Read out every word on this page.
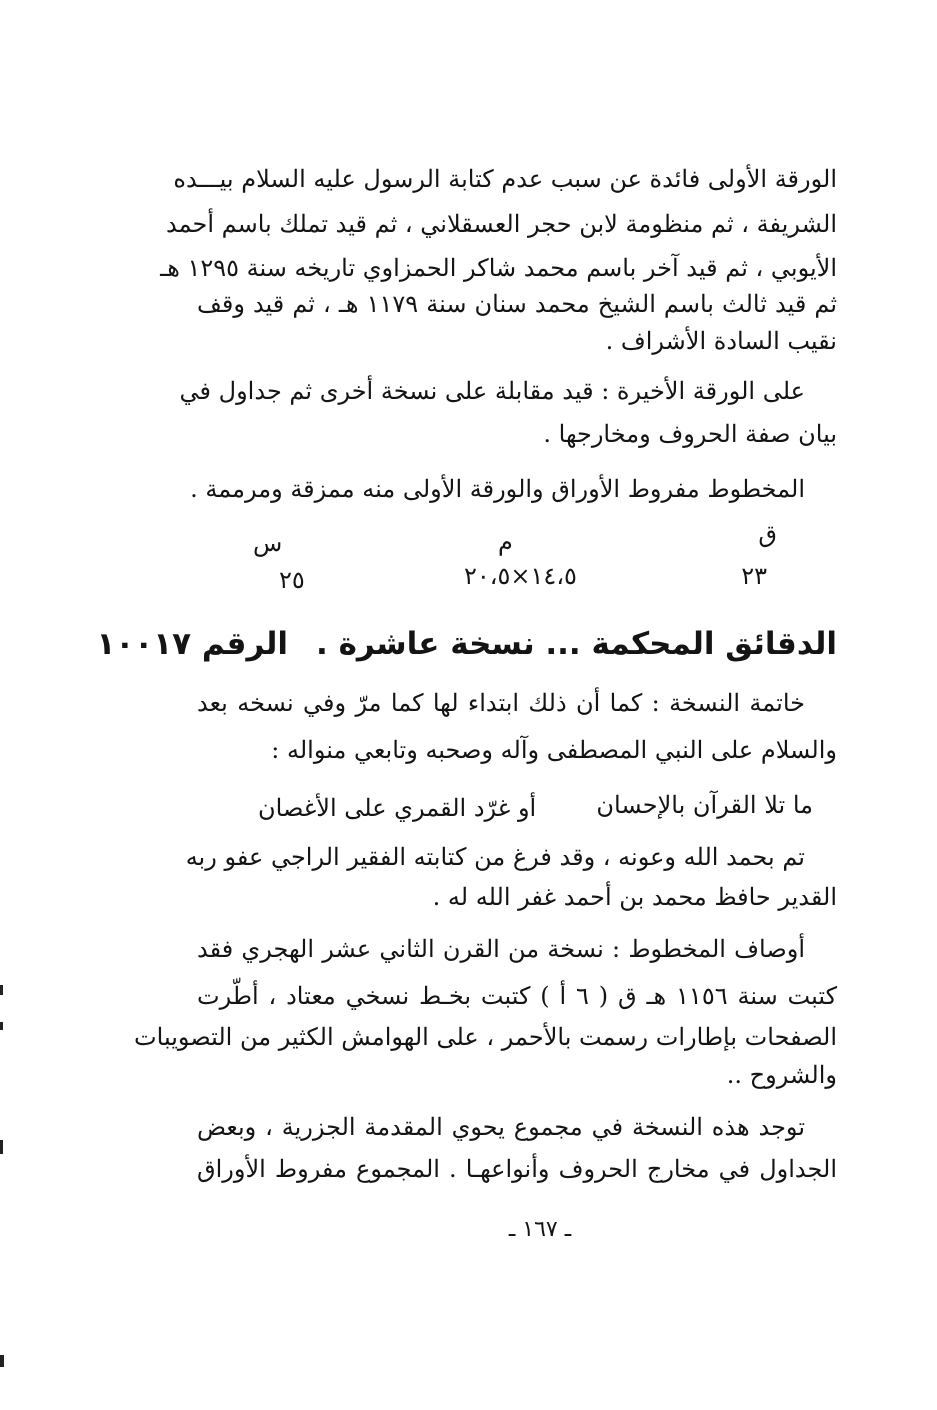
الورقة الأولى فائدة عن سبب عدم كتابة الرسول عليه السلام بيـــده
الشريفة ، ثم منظومة لابن حجر العسقلاني ، ثم قيد تملك باسم أحمد
الأيوبي ، ثم قيد آخر باسم محمد شاكر الحمزاوي تاريخه سنة ١٢٩٥ هـ
ثم قيد ثالث باسم الشيخ محمد سنان سنة ١١٧٩ هـ ، ثم قيد وقف
نقيب السادة الأشراف .
على الورقة الأخيرة : قيد مقابلة على نسخة أخرى ثم جداول في
بيان صفة الحروف ومخارجها .
المخطوط مفروط الأوراق والورقة الأولى منه ممزقة ومرممة .
ق
م
س
٢٣
١٤،٥×٢٠،٥
٢٥
الدقائق المحكمة ... نسخة عاشرة .الرقم ١٠٠١٧
خاتمة النسخة : كما أن ذلك ابتداء لها كما مرّ وفي نسخه بعد
والسلام على النبي المصطفى وآله وصحبه وتابعي منواله :
ما تلا القرآن بالإحسان
أو غرّد القمري على الأغصان
تم بحمد الله وعونه ، وقد فرغ من كتابته الفقير الراجي عفو ربه
القدير حافظ محمد بن أحمد غفر الله له .
أوصاف المخطوط : نسخة من القرن الثاني عشر الهجري فقد
كتبت سنة ١١٥٦ هـ ق ( ٦ أ ) كتبت بخـط نسخي معتاد ، أطّرت
الصفحات بإطارات رسمت بالأحمر ، على الهوامش الكثير من التصويبات
والشروح ..
توجد هذه النسخة في مجموع يحوي المقدمة الجزرية ، وبعض
الجداول في مخارج الحروف وأنواعهـا . المجموع مفروط الأوراق
ـ ١٦٧ ـ
